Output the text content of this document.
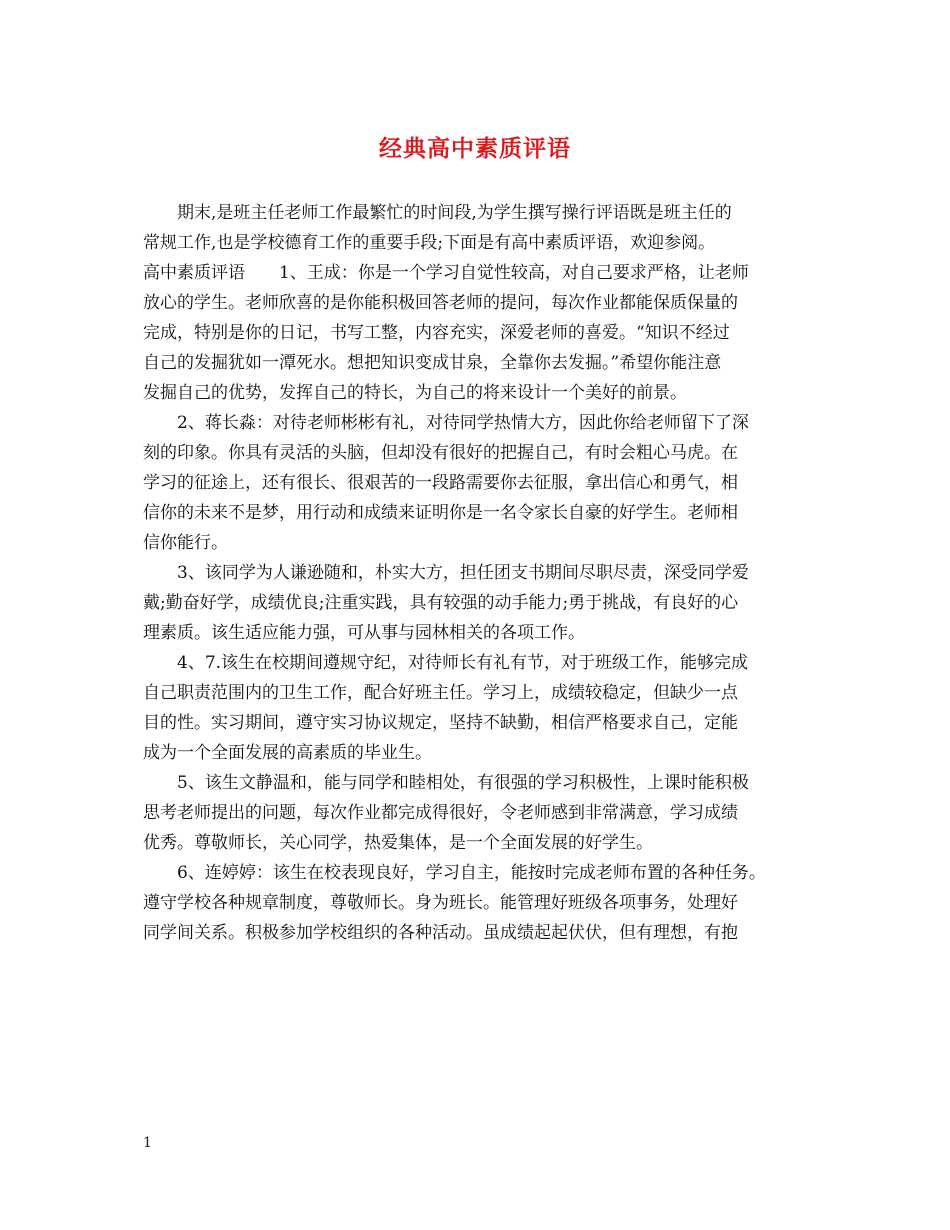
经典高中素质评语
期末,是班主任老师工作最繁忙的时间段,为学生撰写操行评语既是班主任的
常规工作,也是学校德育工作的重要手段;下面是有高中素质评语，欢迎参阅。
高中素质评语　　1、王成：你是一个学习自觉性较高，对自己要求严格，让老师
放心的学生。老师欣喜的是你能积极回答老师的提问，每次作业都能保质保量的
完成，特别是你的日记，书写工整，内容充实，深爱老师的喜爱。“知识不经过
自己的发掘犹如一潭死水。想把知识变成甘泉，全靠你去发掘。”希望你能注意
发掘自己的优势，发挥自己的特长，为自己的将来设计一个美好的前景。
2、蒋长淼：对待老师彬彬有礼，对待同学热情大方，因此你给老师留下了深
刻的印象。你具有灵活的头脑，但却没有很好的把握自己，有时会粗心马虎。在
学习的征途上，还有很长、很艰苦的一段路需要你去征服，拿出信心和勇气，相
信你的未来不是梦，用行动和成绩来证明你是一名令家长自豪的好学生。老师相
信你能行。
3、该同学为人谦逊随和，朴实大方，担任团支书期间尽职尽责，深受同学爱
戴;勤奋好学，成绩优良;注重实践，具有较强的动手能力;勇于挑战，有良好的心
理素质。该生适应能力强，可从事与园林相关的各项工作。
4、7.该生在校期间遵规守纪，对待师长有礼有节，对于班级工作，能够完成
自己职责范围内的卫生工作，配合好班主任。学习上，成绩较稳定，但缺少一点
目的性。实习期间，遵守实习协议规定，坚持不缺勤，相信严格要求自己，定能
成为一个全面发展的高素质的毕业生。
5、该生文静温和，能与同学和睦相处，有很强的学习积极性，上课时能积极
思考老师提出的问题，每次作业都完成得很好，令老师感到非常满意，学习成绩
优秀。尊敬师长，关心同学，热爱集体，是一个全面发展的好学生。
6、连婷婷：该生在校表现良好，学习自主，能按时完成老师布置的各种任务。
遵守学校各种规章制度，尊敬师长。身为班长。能管理好班级各项事务，处理好
同学间关系。积极参加学校组织的各种活动。虽成绩起起伏伏，但有理想，有抱
1
